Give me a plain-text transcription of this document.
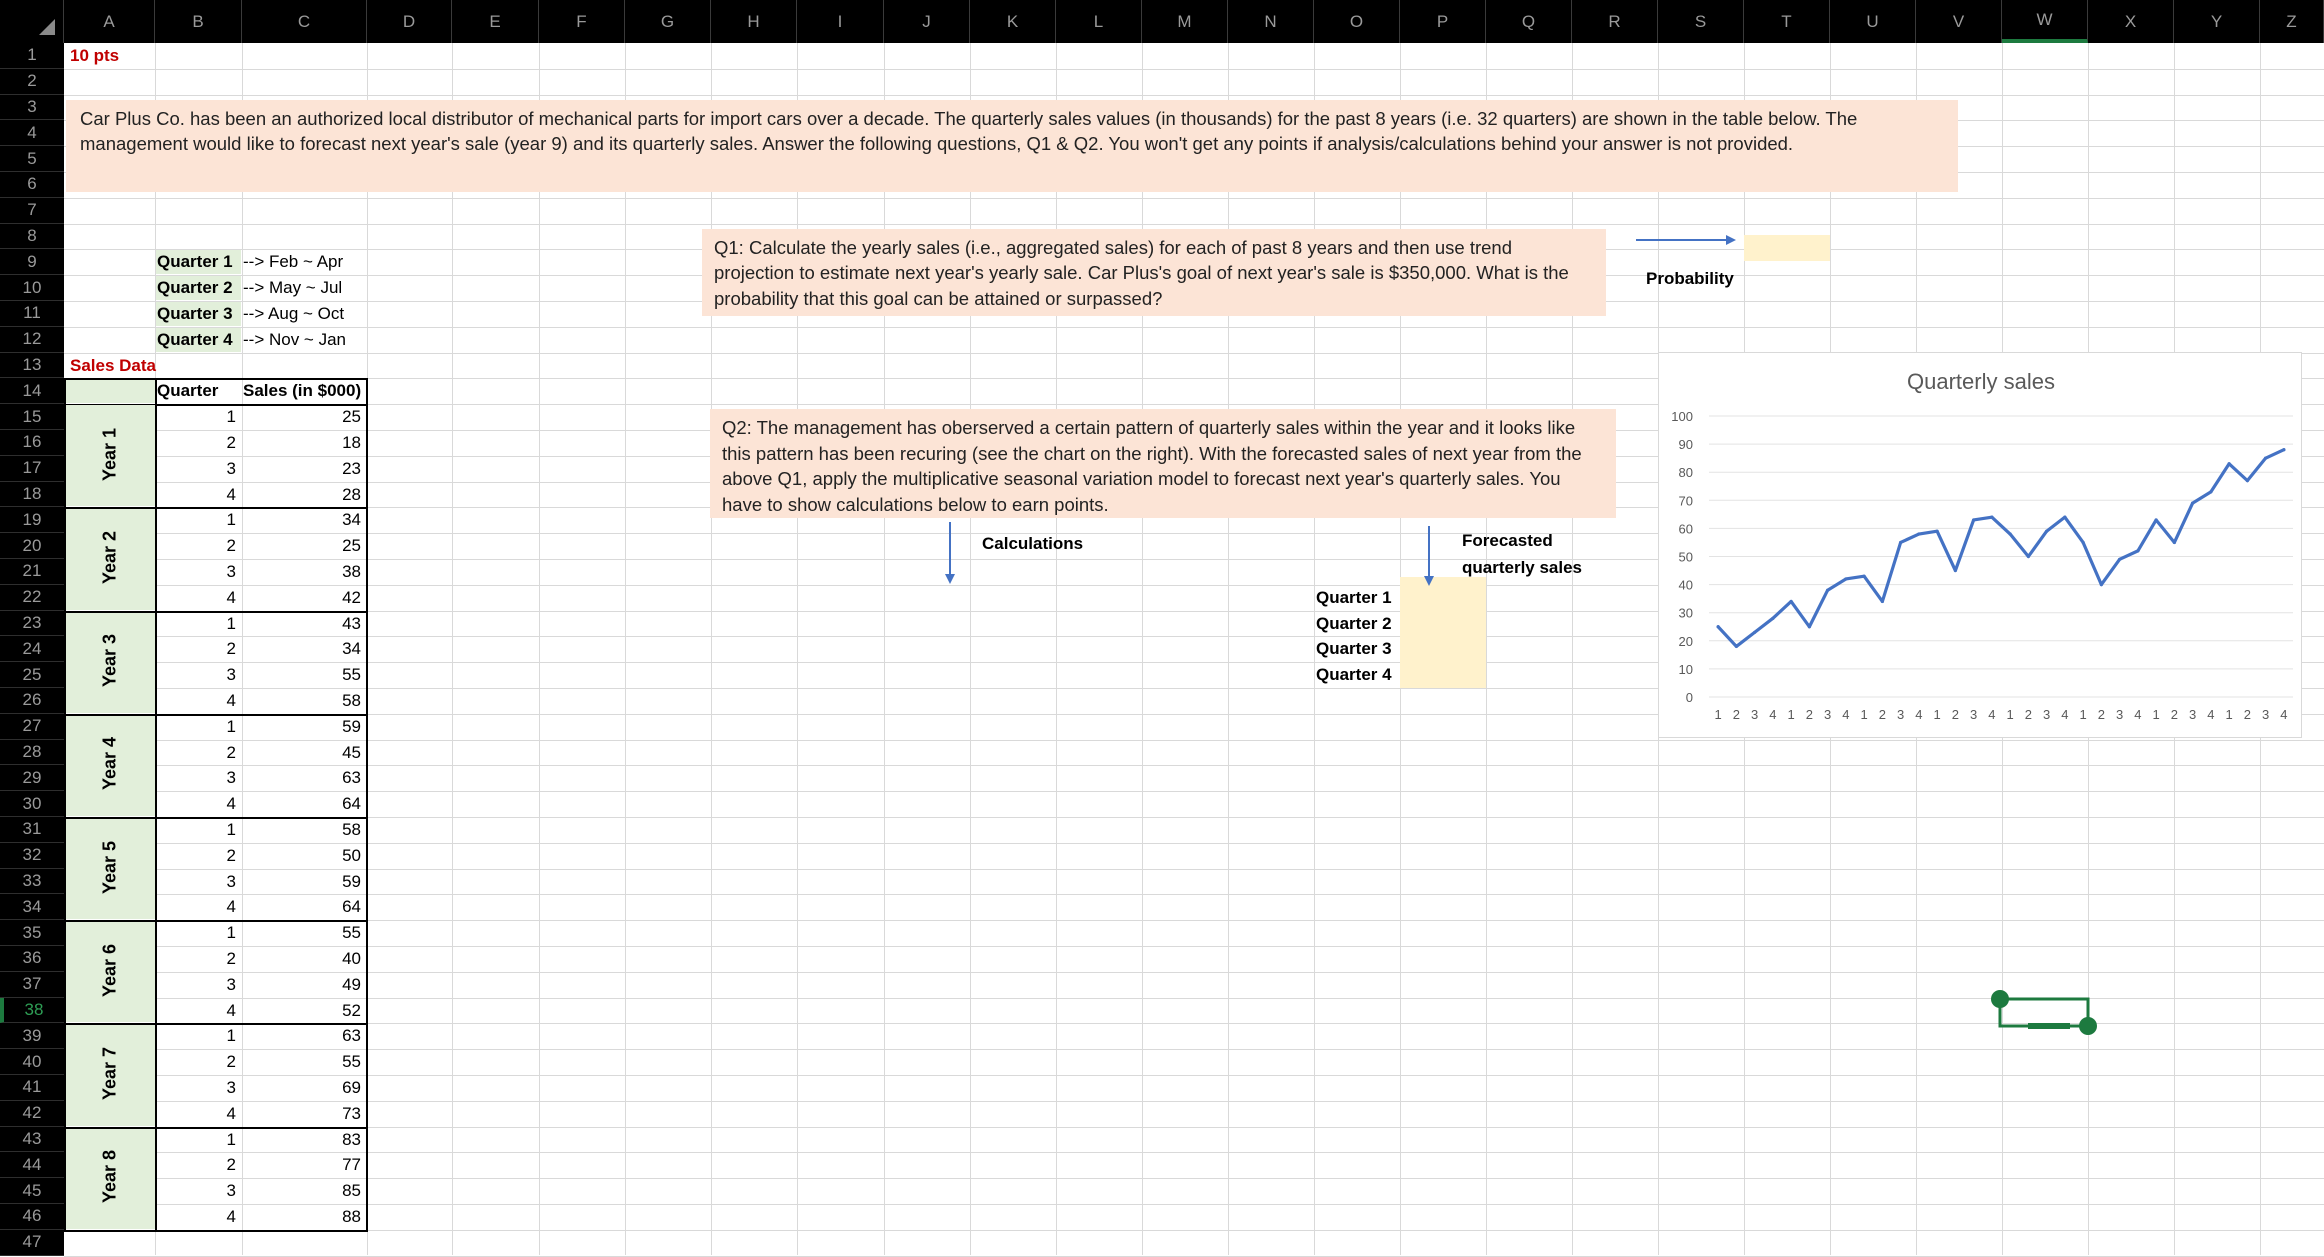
A	B	C	D	E	F	G	H	I	J	K	L	M	N	O	P	Q	R	S	T	U	V	W	X	Y	Z
1
2
3
4
5
6
7
8
9
10
11
12
13
14
15
16
17
18
19
20
21
22
23
24
25
26
27
28
29
30
31
32
33
34
35
36
37
38
39
40
41
42
43
44
45
46
47
10 pts
Car Plus Co. has been an authorized local distributor of mechanical parts for import cars over a decade. The quarterly sales values (in thousands) for the past 8 years (i.e. 32 quarters) are shown in the table below. The management would like to forecast next year's sale (year 9) and its quarterly sales. Answer the following questions, Q1 & Q2. You won't get any points if analysis/calculations behind your answer is not provided.
Quarter 1 --> Feb ~ Apr
Quarter 2 --> May ~ Jul
Quarter 3 --> Aug ~ Oct
Quarter 4 --> Nov ~ Jan
Q1: Calculate the yearly sales (i.e., aggregated sales) for each of past 8 years and then use trend projection to estimate next year's yearly sale. Car Plus's goal of next year's sale is $350,000. What is the probability that this goal can be attained or surpassed?
Probability
Q2: The management has oberserved a certain pattern of quarterly sales within the year and it looks like this pattern has been recuring (see the chart on the right). With the forecasted sales of next year from the above Q1, apply the multiplicative seasonal variation model to forecast next year's quarterly sales. You have to show calculations below to earn points.
Calculations	Forecasted
quarterly sales
Quarter 1
Quarter 2
Quarter 3
Quarter 4
Sales Data
Quarter Sales (in $000)
Year 1
1	25
2	18
3	23
4	28
Year 2
1	34
2	25
3	38
4	42
Year 3
1	43
2	34
3	55
4	58
Year 4
1	59
2	45
3	63
4	64
Year 5
1	58
2	50
3	59
4	64
Year 6
1	55
2	40
3	49
4	52
Year 7
1	63
2	55
3	69
4	73
Year 8
1	83
2	77
3	85
4	88
Quarterly sales
0
10
20
30
40
50
60
70
80
90
100
1 2 3 4 1 2 3 4 1 2 3 4 1 2 3 4 1 2 3 4 1 2 3 4 1 2 3 4 1 2 3 4
